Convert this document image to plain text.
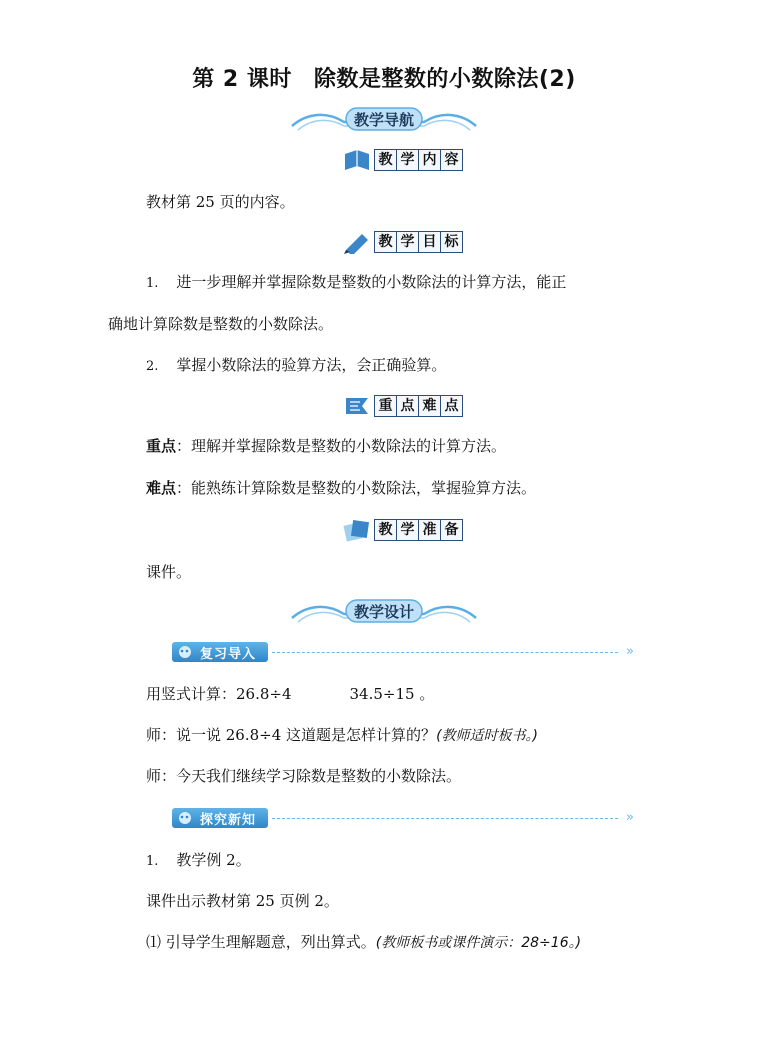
第 2 课时 除数是整数的小数除法(2)
教学导航
教 学 内 容
教材第 25 页的内容。
教 学 目 标
1. 进一步理解并掌握除数是整数的小数除法的计算方法，能正
确地计算除数是整数的小数除法。
2. 掌握小数除法的验算方法，会正确验算。
重 点 难 点
重点：理解并掌握除数是整数的小数除法的计算方法。
难点：能熟练计算除数是整数的小数除法，掌握验算方法。
教 学 准 备
课件。
教学设计
复习导入	»
用竖式计算：26.8÷4	34.5÷15 。
师：说一说 26.8÷4 这道题是怎样计算的？(教师适时板书。)
师：今天我们继续学习除数是整数的小数除法。
探究新知	»
1. 教学例 2。
课件出示教材第 25 页例 2。
⑴ 引导学生理解题意，列出算式。(教师板书或课件演示：28÷16。)
